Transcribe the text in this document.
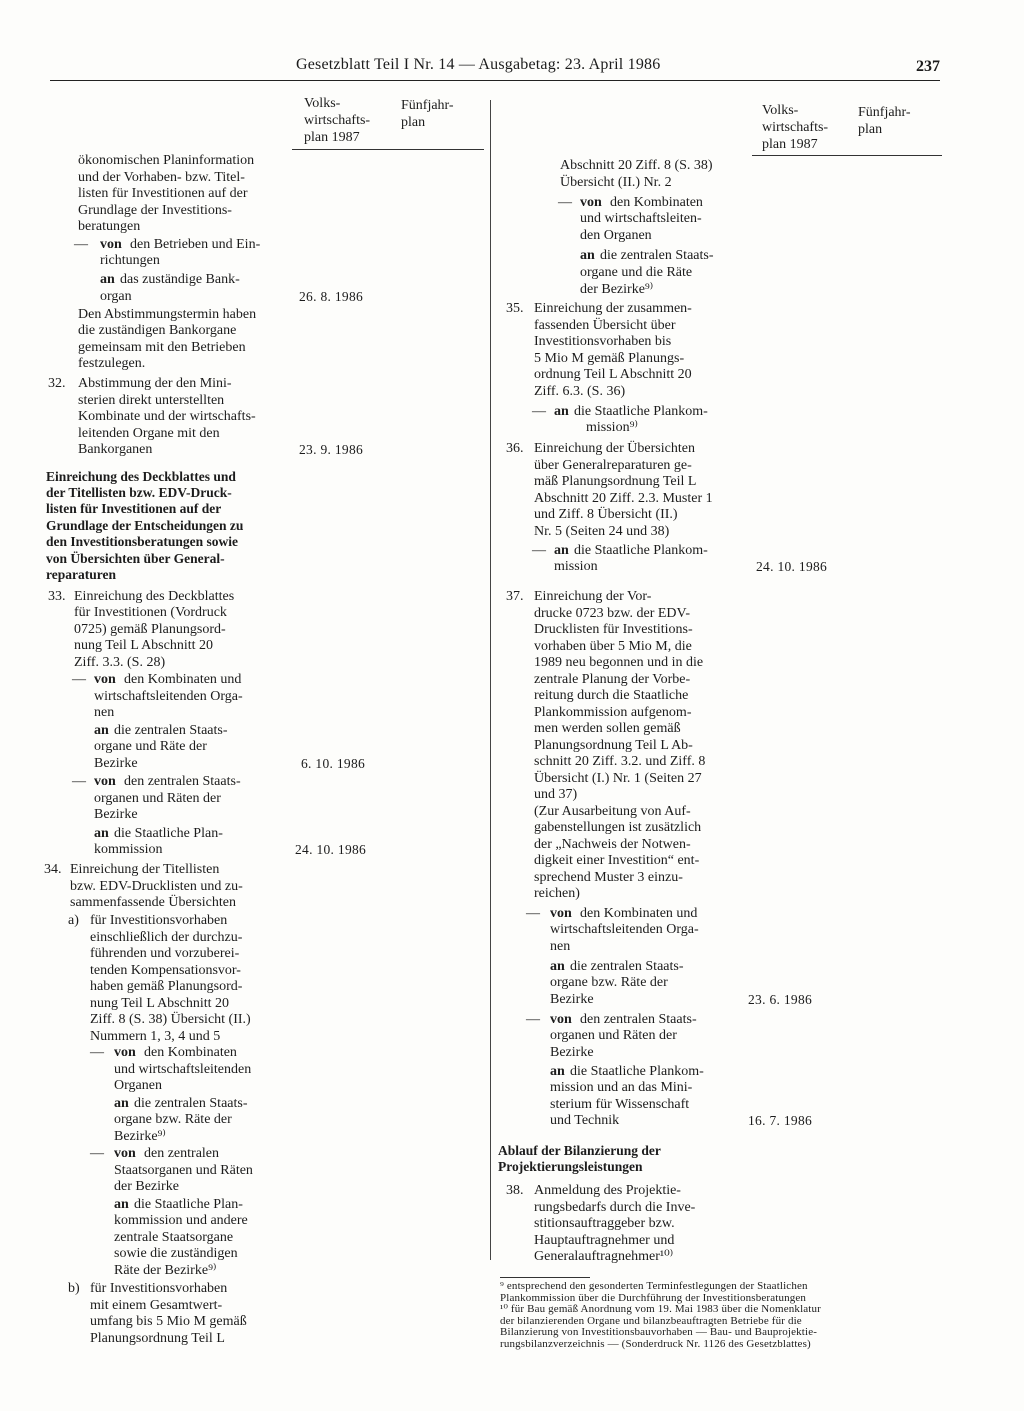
Gesetzblatt Teil I Nr. 14 — Ausgabetag: 23. April 1986	237
Volks-
wirtschafts-
plan 1987
Fünfjahr-
plan
ökonomischen Planinformation
und der Vorhaben- bzw. Titel-
listen für Investitionen auf der
Grundlage der Investitions-
beratungen
— von den Betrieben und Ein-
richtungen
an das zuständige Bank-
organ
Den Abstimmungstermin haben
die zuständigen Bankorgane
gemeinsam mit den Betrieben
festzulegen.
32. Abstimmung der den Mini-
sterien direkt unterstellten
Kombinate und der wirtschafts-
leitenden Organe mit den
Bankorganen
Einreichung des Deckblattes und
der Titellisten bzw. EDV-Druck-
listen für Investitionen auf der
Grundlage der Entscheidungen zu
den Investitionsberatungen sowie
von Übersichten über General-
reparaturen
33. Einreichung des Deckblattes
für Investitionen (Vordruck
0725) gemäß Planungsord-
nung Teil L Abschnitt 20
Ziff. 3.3. (S. 28)
— von den Kombinaten und
wirtschaftsleitenden Orga-
nen
an die zentralen Staats-
organe und Räte der
Bezirke
— von den zentralen Staats-
organen und Räten der
Bezirke
an die Staatliche Plan-
kommission
34. Einreichung der Titellisten
bzw. EDV-Drucklisten und zu-
sammenfassende Übersichten
a) für Investitionsvorhaben
einschließlich der durchzu-
führenden und vorzuberei-
tenden Kompensationsvor-
haben gemäß Planungsord-
nung Teil L Abschnitt 20
Ziff. 8 (S. 38) Übersicht (II.)
Nummern 1, 3, 4 und 5
— von den Kombinaten
und wirtschaftsleitenden
Organen
an die zentralen Staats-
organe bzw. Räte der
Bezirke⁹⁾
— von den zentralen
Staatsorganen und Räten
der Bezirke
an die Staatliche Plan-
kommission und andere
zentrale Staatsorgane
sowie die zuständigen
Räte der Bezirke⁹⁾
b) für Investitionsvorhaben
mit einem Gesamtwert-
umfang bis 5 Mio M gemäß
Planungsordnung Teil L
26. 8. 1986
23. 9. 1986
6. 10. 1986
24. 10. 1986
Volks-
wirtschafts-
plan 1987
Fünfjahr-
plan
Abschnitt 20 Ziff. 8 (S. 38)
Übersicht (II.) Nr. 2
— von den Kombinaten
und wirtschaftsleiten-
den Organen
an die zentralen Staats-
organe und die Räte
der Bezirke⁹⁾
35. Einreichung der zusammen-
fassenden Übersicht über
Investitionsvorhaben bis
5 Mio M gemäß Planungs-
ordnung Teil L Abschnitt 20
Ziff. 6.3. (S. 36)
— an die Staatliche Plankom-
mission⁹⁾
36. Einreichung der Übersichten
über Generalreparaturen ge-
mäß Planungsordnung Teil L
Abschnitt 20 Ziff. 2.3. Muster 1
und Ziff. 8 Übersicht (II.)
Nr. 5 (Seiten 24 und 38)
— an die Staatliche Plankom-
mission
37. Einreichung der Vor-
drucke 0723 bzw. der EDV-
Drucklisten für Investitions-
vorhaben über 5 Mio M, die
1989 neu begonnen und in die
zentrale Planung der Vorbe-
reitung durch die Staatliche
Plankommission aufgenom-
men werden sollen gemäß
Planungsordnung Teil L Ab-
schnitt 20 Ziff. 3.2. und Ziff. 8
Übersicht (I.) Nr. 1 (Seiten 27
und 37)
(Zur Ausarbeitung von Auf-
gabenstellungen ist zusätzlich
der „Nachweis der Notwen-
digkeit einer Investition“ ent-
sprechend Muster 3 einzu-
reichen)
— von den Kombinaten und
wirtschaftsleitenden Orga-
nen
an die zentralen Staats-
organe bzw. Räte der
Bezirke
— von den zentralen Staats-
organen und Räten der
Bezirke
an die Staatliche Plankom-
mission und an das Mini-
sterium für Wissenschaft
und Technik
Ablauf der Bilanzierung der
Projektierungsleistungen
38. Anmeldung des Projektie-
rungsbedarfs durch die Inve-
stitionsauftraggeber bzw.
Hauptauftragnehmer und
Generalauftragnehmer¹⁰⁾
24. 10. 1986
23. 6. 1986
16. 7. 1986
⁹ entsprechend den gesonderten Terminfestlegungen der Staatlichen
Plankommission über die Durchführung der Investitionsberatungen
¹⁰ für Bau gemäß Anordnung vom 19. Mai 1983 über die Nomenklatur
der bilanzierenden Organe und bilanzbeauftragten Betriebe für die
Bilanzierung von Investitionsbauvorhaben — Bau- und Bauprojektie-
rungsbilanzverzeichnis — (Sonderdruck Nr. 1126 des Gesetzblattes)
